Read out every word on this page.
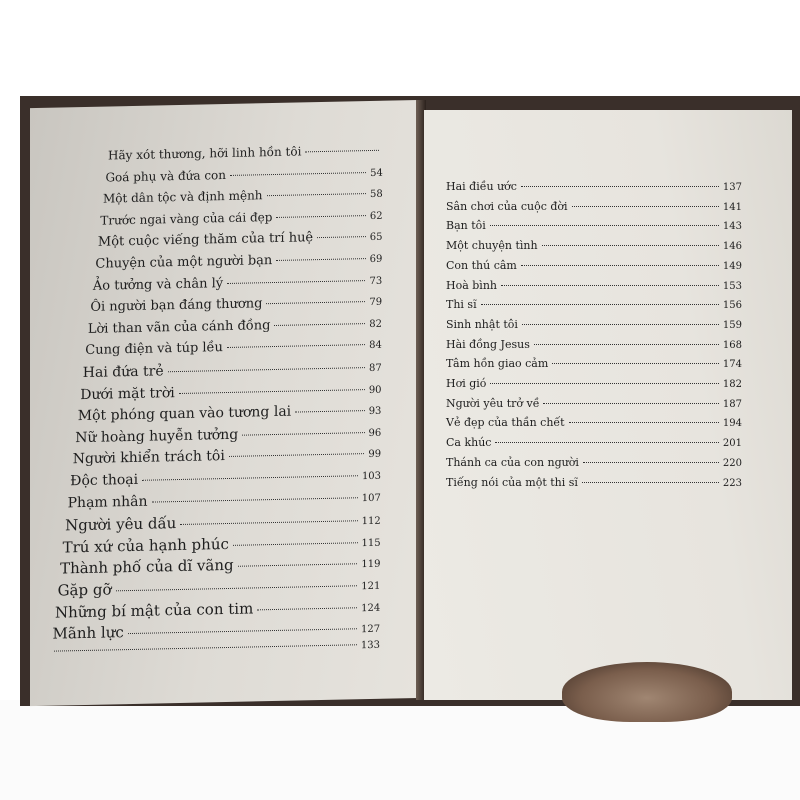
Hãy xót thương, hỡi linh hồn tôi
Goá phụ và đứa con	54
Một dân tộc và định mệnh	58
Trước ngai vàng của cái đẹp	62
Một cuộc viếng thăm của trí huệ	65
Chuyện của một người bạn	69
Ảo tưởng và chân lý	73
Ôi người bạn đáng thương	79
Lời than vãn của cánh đồng	82
Cung điện và túp lều	84
Hai đứa trẻ	87
Dưới mặt trời	90
Một phóng quan vào tương lai	93
Nữ hoàng huyễn tưởng	96
Người khiển trách tôi	99
Độc thoại	103
Phạm nhân	107
Người yêu dấu	112
Trú xứ của hạnh phúc	115
Thành phố của dĩ vãng	119
Gặp gỡ	121
Những bí mật của con tim	124
Mãnh lực	127
133
Hai điều ước	137
Sân chơi của cuộc đời	141
Bạn tôi	143
Một chuyện tình	146
Con thú câm	149
Hoà bình	153
Thi sĩ	156
Sinh nhật tôi	159
Hài đồng Jesus	168
Tâm hồn giao cảm	174
Hơi gió	182
Người yêu trở về	187
Vẻ đẹp của thần chết	194
Ca khúc	201
Thánh ca của con người	220
Tiếng nói của một thi sĩ	223
